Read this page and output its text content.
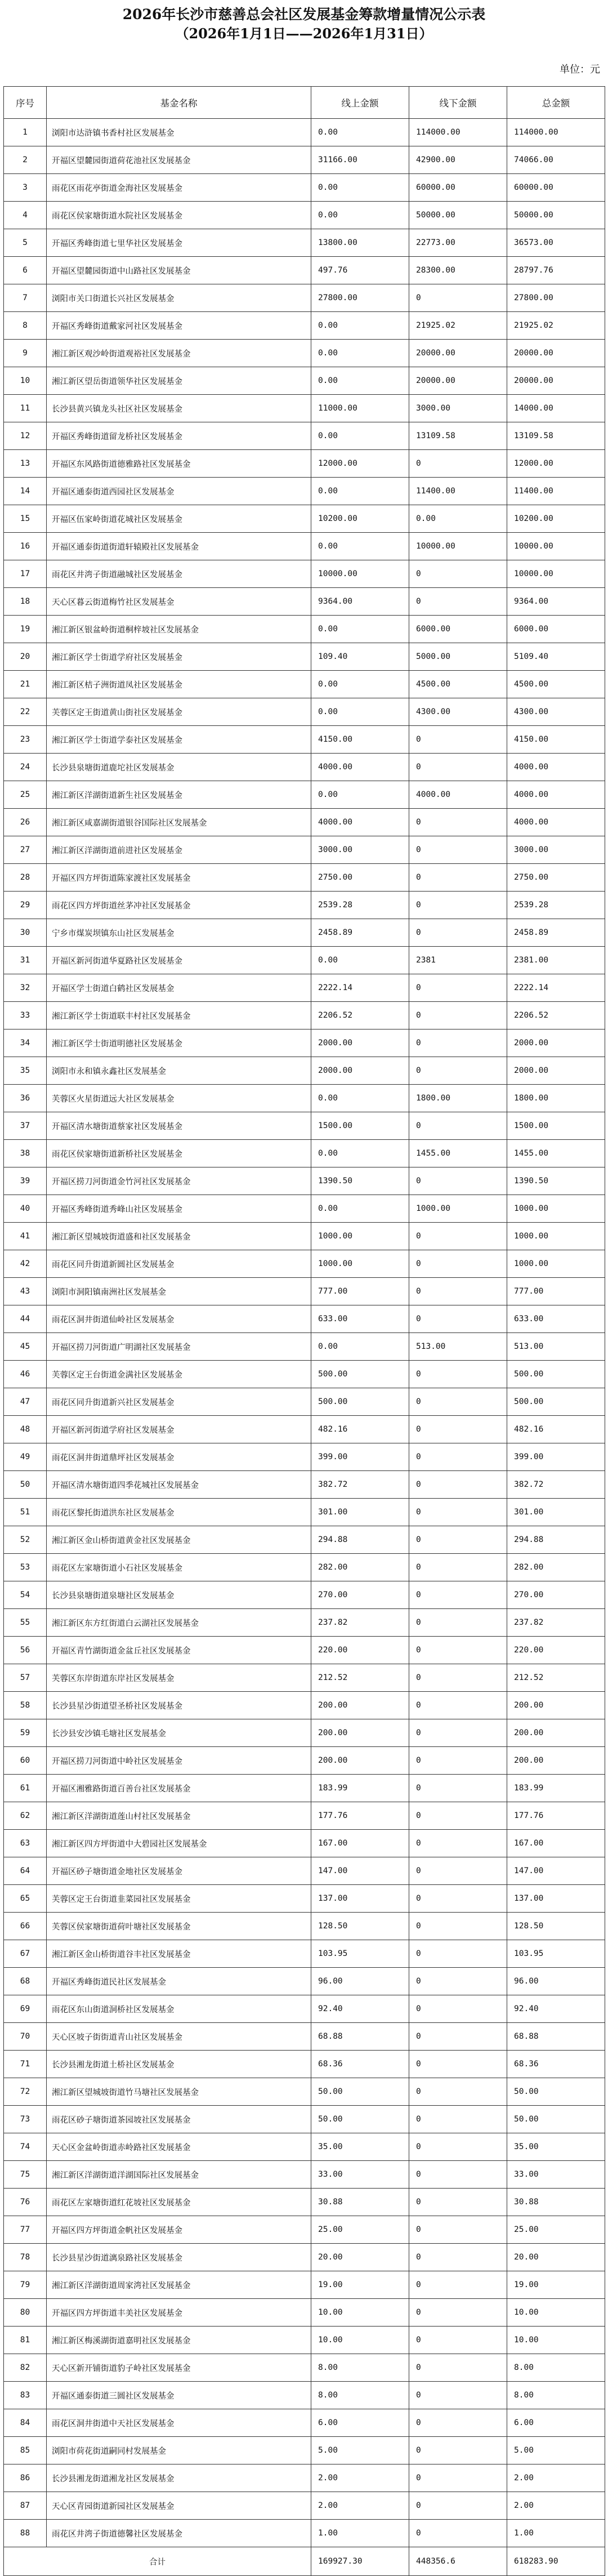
2026年长沙市慈善总会社区发展基金筹款增量情况公示表
（2026年1月1日——2026年1月31日）
单位：元
序号	基金名称	线上金额	线下金额	总金额
1	浏阳市达浒镇书香村社区发展基金	0.00	114000.00	114000.00
2	开福区望麓园街道荷花池社区发展基金	31166.00	42900.00	74066.00
3	雨花区雨花亭街道金海社区发展基金	0.00	60000.00	60000.00
4	雨花区侯家塘街道水院社区发展基金	0.00	50000.00	50000.00
5	开福区秀峰街道七里华社区发展基金	13800.00	22773.00	36573.00
6	开福区望麓园街道中山路社区发展基金	497.76	28300.00	28797.76
7	浏阳市关口街道长兴社区发展基金	27800.00	0	27800.00
8	开福区秀峰街道戴家河社区发展基金	0.00	21925.02	21925.02
9	湘江新区观沙岭街道观裕社区发展基金	0.00	20000.00	20000.00
10	湘江新区望岳街道领华社区发展基金	0.00	20000.00	20000.00
11	长沙县黄兴镇龙头社区社区发展基金	11000.00	3000.00	14000.00
12	开福区秀峰街道留龙桥社区发展基金	0.00	13109.58	13109.58
13	开福区东风路街道德雅路社区发展基金	12000.00	0	12000.00
14	开福区通泰街道西园社区发展基金	0.00	11400.00	11400.00
15	开福区伍家岭街道花城社区发展基金	10200.00	0.00	10200.00
16	开福区通泰街道街道轩辕殿社区发展基金	0.00	10000.00	10000.00
17	雨花区井湾子街道融城社区发展基金	10000.00	0	10000.00
18	天心区暮云街道梅竹社区发展基金	9364.00	0	9364.00
19	湘江新区银盆岭街道桐梓坡社区发展基金	0.00	6000.00	6000.00
20	湘江新区学士街道学府社区发展基金	109.40	5000.00	5109.40
21	湘江新区桔子洲街道凤社区发展基金	0.00	4500.00	4500.00
22	芙蓉区定王街道黄山街社区发展基金	0.00	4300.00	4300.00
23	湘江新区学士街道学泰社区发展基金	4150.00	0	4150.00
24	长沙县泉塘街道鹿坨社区发展基金	4000.00	0	4000.00
25	湘江新区洋湖街道新生社区发展基金	0.00	4000.00	4000.00
26	湘江新区咸嘉湖街道银谷国际社区发展基金	4000.00	0	4000.00
27	湘江新区洋湖街道前进社区发展基金	3000.00	0	3000.00
28	开福区四方坪街道陈家渡社区发展基金	2750.00	0	2750.00
29	雨花区四方坪街道丝茅冲社区发展基金	2539.28	0	2539.28
30	宁乡市煤炭坝镇东山社区发展基金	2458.89	0	2458.89
31	开福区新河街道华夏路社区发展基金	0.00	2381	2381.00
32	开福区学士街道白鹤社区发展基金	2222.14	0	2222.14
33	湘江新区学士街道联丰村社区发展基金	2206.52	0	2206.52
34	湘江新区学士街道明德社区发展基金	2000.00	0	2000.00
35	浏阳市永和镇永鑫社区发展基金	2000.00	0	2000.00
36	芙蓉区火星街道远大社区发展基金	0.00	1800.00	1800.00
37	开福区清水塘街道蔡家社区发展基金	1500.00	0	1500.00
38	雨花区侯家塘街道新桥社区发展基金	0.00	1455.00	1455.00
39	开福区捞刀河街道金竹河社区发展基金	1390.50	0	1390.50
40	开福区秀峰街道秀峰山社区发展基金	0.00	1000.00	1000.00
41	湘江新区望城坡街道盛和社区发展基金	1000.00	0	1000.00
42	雨花区同升街道新圆社区发展基金	1000.00	0	1000.00
43	浏阳市洞阳镇南洲社区发展基金	777.00	0	777.00
44	雨花区洞井街道仙岭社区发展基金	633.00	0	633.00
45	开福区捞刀河街道广明湖社区发展基金	0.00	513.00	513.00
46	芙蓉区定王台街道金满社区发展基金	500.00	0	500.00
47	雨花区同升街道新兴社区发展基金	500.00	0	500.00
48	开福区新河街道学府社区发展基金	482.16	0	482.16
49	雨花区洞井街道鼎坪社区发展基金	399.00	0	399.00
50	开福区清水塘街道四季花城社区发展基金	382.72	0	382.72
51	雨花区黎托街道洪东社区发展基金	301.00	0	301.00
52	湘江新区金山桥街道黄金社区发展基金	294.88	0	294.88
53	雨花区左家塘街道小石社区发展基金	282.00	0	282.00
54	长沙县泉塘街道泉塘社区发展基金	270.00	0	270.00
55	湘江新区东方红街道白云湖社区发展基金	237.82	0	237.82
56	开福区青竹湖街道金盆丘社区发展基金	220.00	0	220.00
57	芙蓉区东岸街道东岸社区发展基金	212.52	0	212.52
58	长沙县星沙街道望圣桥社区发展基金	200.00	0	200.00
59	长沙县安沙镇毛塘社区发展基金	200.00	0	200.00
60	开福区捞刀河街道中岭社区发展基金	200.00	0	200.00
61	开福区湘雅路街道百善台社区发展基金	183.99	0	183.99
62	湘江新区洋湖街道莲山村社区发展基金	177.76	0	177.76
63	湘江新区四方坪街道中大碧园社区发展基金	167.00	0	167.00
64	开福区砂子塘街道金地社区发展基金	147.00	0	147.00
65	芙蓉区定王台街道韭菜园社区发展基金	137.00	0	137.00
66	芙蓉区侯家塘街道荷叶塘社区发展基金	128.50	0	128.50
67	湘江新区金山桥街道谷丰社区发展基金	103.95	0	103.95
68	开福区秀峰街道民社区发展基金	96.00	0	96.00
69	雨花区东山街道洞桥社区发展基金	92.40	0	92.40
70	天心区坡子街街道青山社区发展基金	68.88	0	68.88
71	长沙县湘龙街道土桥社区发展基金	68.36	0	68.36
72	湘江新区望城坡街道竹马塘社区发展基金	50.00	0	50.00
73	雨花区砂子塘街道茶园坡社区发展基金	50.00	0	50.00
74	天心区金盆岭街道赤岭路社区发展基金	35.00	0	35.00
75	湘江新区洋湖街道洋湖国际社区发展基金	33.00	0	33.00
76	雨花区左家塘街道红花坡社区发展基金	30.88	0	30.88
77	开福区四方坪街道金帆社区发展基金	25.00	0	25.00
78	长沙县星沙街道漓泉路社区发展基金	20.00	0	20.00
79	湘江新区洋湖街道周家湾社区发展基金	19.00	0	19.00
80	开福区四方坪街道丰美社区发展基金	10.00	0	10.00
81	湘江新区梅溪湖街道嘉明社区发展基金	10.00	0	10.00
82	天心区新开铺街道豹子岭社区发展基金	8.00	0	8.00
83	开福区通泰街道三圆社区发展基金	8.00	0	8.00
84	雨花区洞井街道中天社区发展基金	6.00	0	6.00
85	浏阳市荷花街道嗣同村发展基金	5.00	0	5.00
86	长沙县湘龙街道湘龙社区发展基金	2.00	0	2.00
87	天心区青园街道新园社区发展基金	2.00	0	2.00
88	雨花区井湾子街道德馨社区发展基金	1.00	0	1.00
合计		169927.30	448356.6	618283.90
